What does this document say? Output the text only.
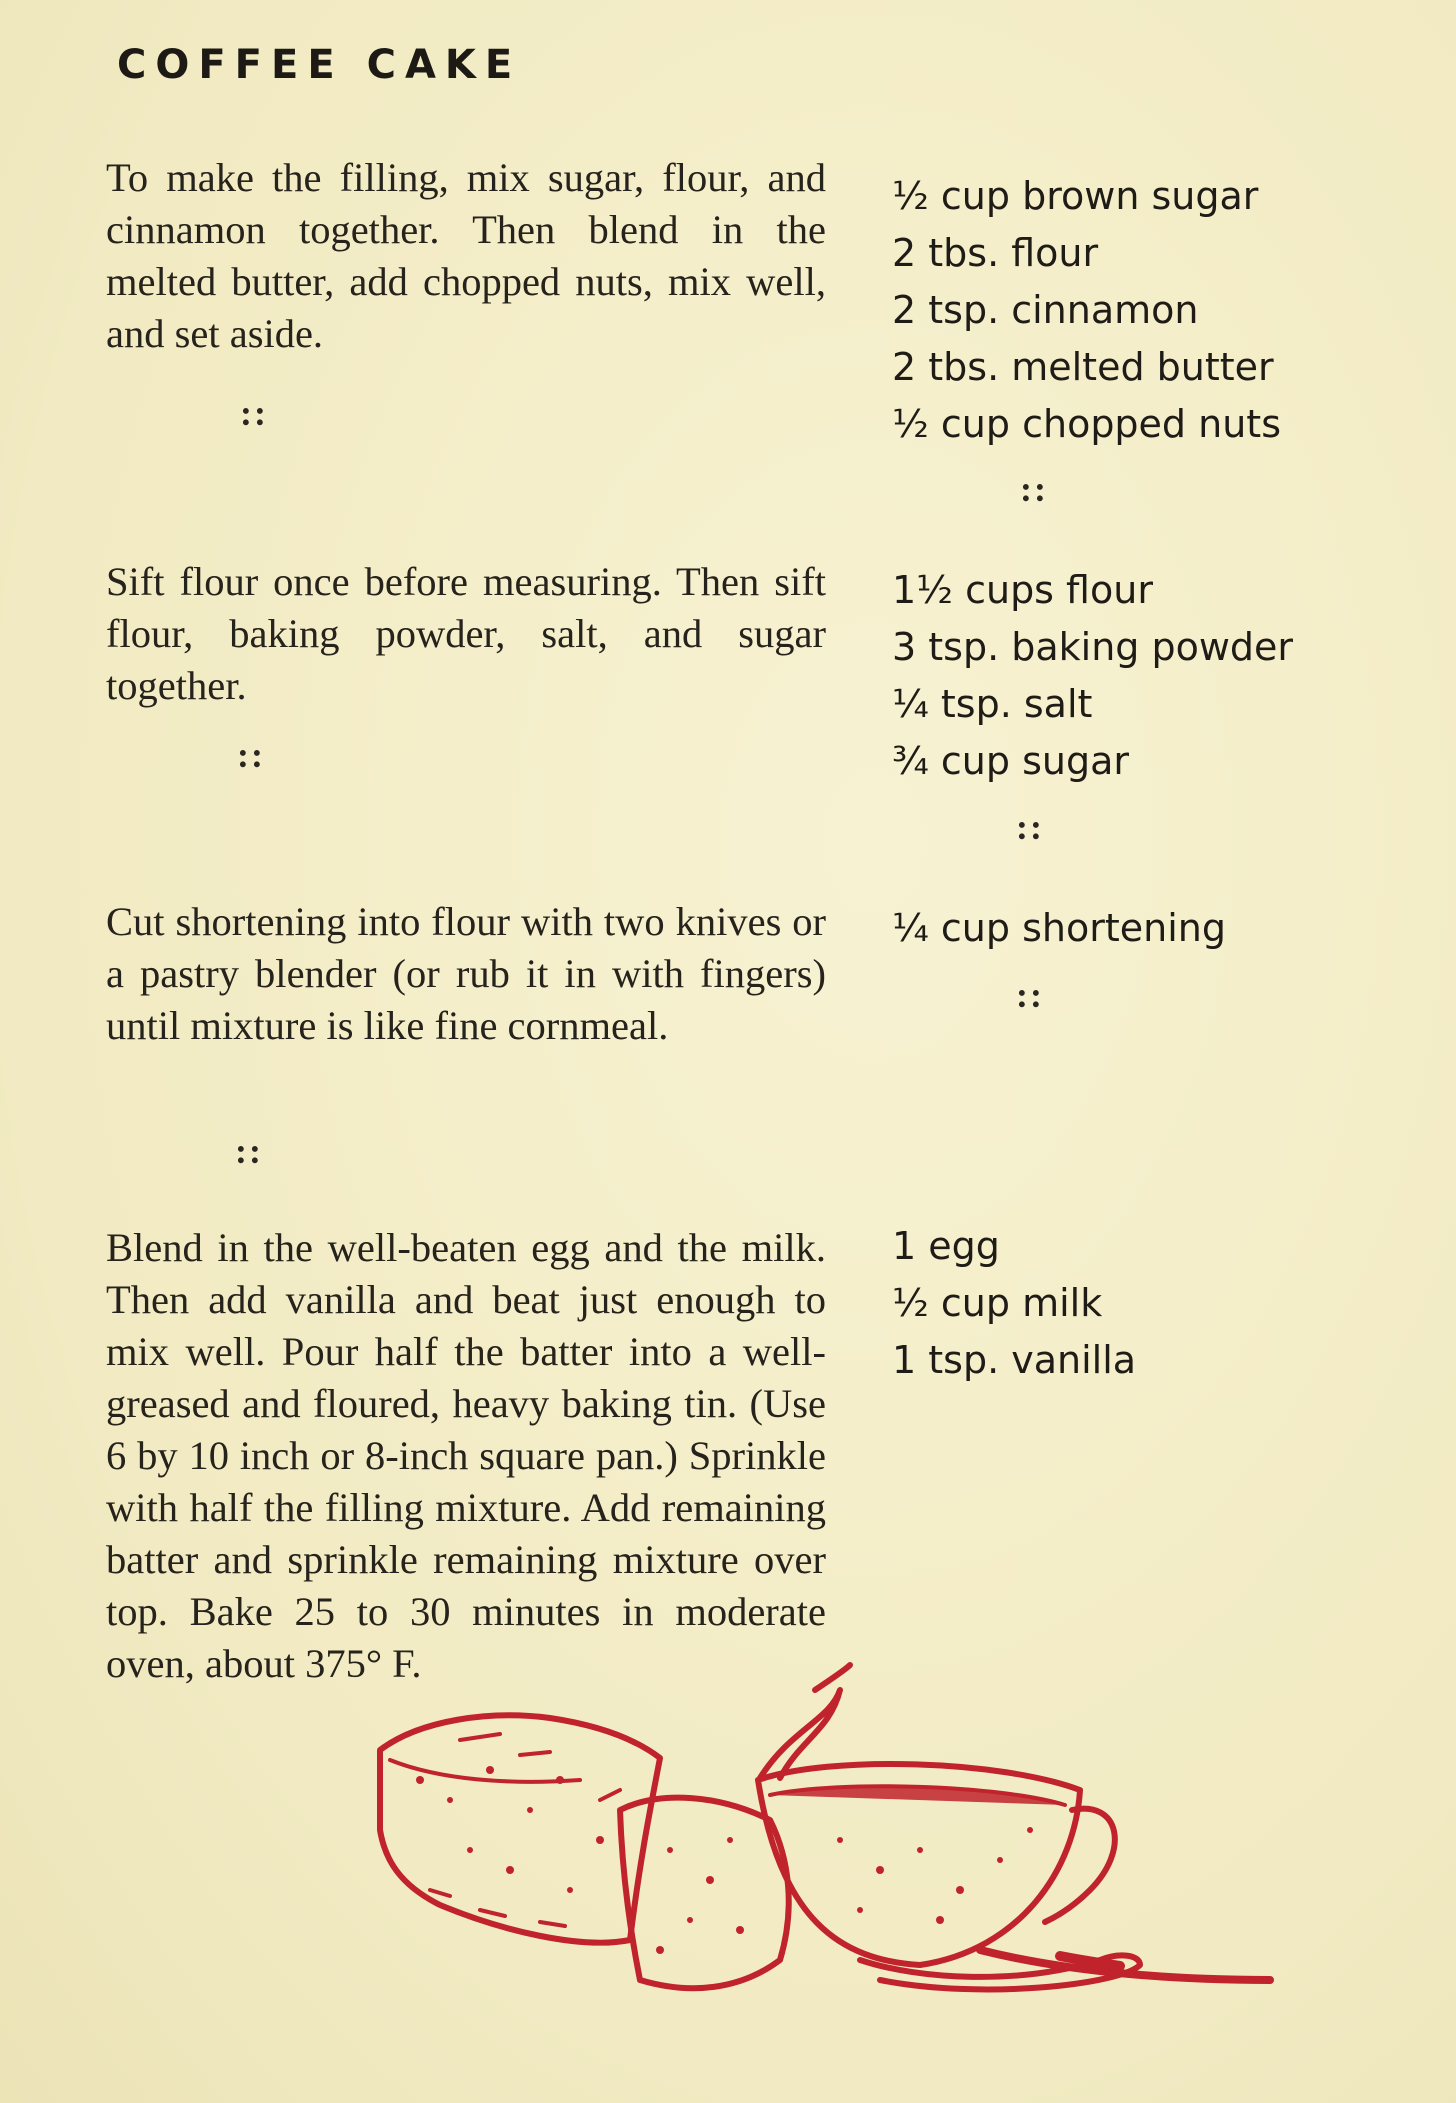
COFFEE CAKE
To make the filling, mix sugar, flour, and cinnamon together. Then blend in the melted butter, add chopped nuts, mix well, and set aside.
::
½ cup brown sugar
2 tbs. flour
2 tsp. cinnamon
2 tbs. melted butter
½ cup chopped nuts
::
Sift flour once before measuring. Then sift flour, baking powder, salt, and sugar together.
::
1½ cups flour
3 tsp. baking powder
¼ tsp. salt
¾ cup sugar
::
Cut shortening into flour with two knives or a pastry blender (or rub it in with fingers) until mixture is like fine cornmeal.
::
¼ cup shortening
::
Blend in the well-beaten egg and the milk. Then add vanilla and beat just enough to mix well. Pour half the batter into a well-greased and floured, heavy baking tin. (Use 6 by 10 inch or 8-inch square pan.) Sprinkle with half the filling mixture. Add remaining batter and sprinkle remaining mixture over top. Bake 25 to 30 minutes in moderate oven, about 375° F.
1 egg
½ cup milk
1 tsp. vanilla
